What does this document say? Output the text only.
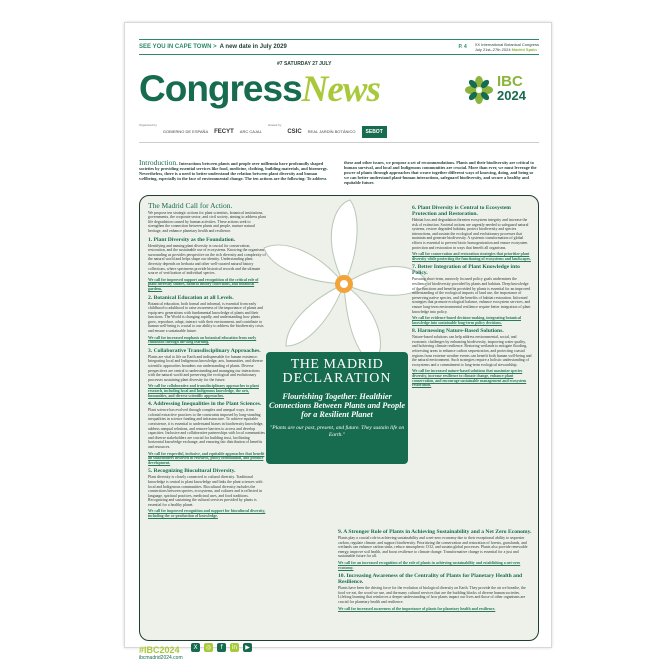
SEE YOU IN CAPE TOWN > A new date in July 2029	P. 4 XX International Botanical Congress
July 21st–27th 2024 Madrid Spain
#7 SATURDAY 27 JULY
CongressNews	IBC
2024
Organized by
GOBIERNO DE ESPAÑA FECYT ARC CAJAL
Hosted by
CSIC REAL JARDÍN BOTÁNICO	SEBOT
Introduction. Interactions between plants and people over millennia have profoundly shaped societies by providing essential services like food, medicine, clothing, building materials, and bioenergy. Nevertheless, there is a need to better understand the relation between plant diversity and human wellbeing, especially in the face of environmental change. The ten actions are the following: To address these and other issues, we propose a set of recommendations. Plants and their biodiversity are critical to human survival, and local and Indigenous communities are crucial. More than ever, we must leverage the power of plants through approaches that weave together different ways of knowing, doing, and being so we can better understand plant-human interactions, safeguard biodiversity, and secure a healthy and equitable future.
The Madrid Call for Action.

We propose ten strategic actions for plant scientists, botanical institutions, governments, the corporate sector, and civil society, aiming to address plant life degradation caused by human activities. These actions seek to strengthen the connection between plants and people, nurture natural heritage, and enhance planetary health and resilience.

1. Plant Diversity as the Foundation.

Identifying and naming plant diversity is crucial for conservation, restoration, and the sustainable use of ecosystems. Knowing the organisms surrounding us provides perspective on the rich diversity and complexity of the natural world and helps shape our identity. Understanding plant diversity depends on herbaria and other well-curated natural history collections, where specimens provide historical records and the ultimate source of verification of individual species.

We call for improved support and recognition of the critical role of plant diversity studies, natural history collections, and botanical gardens.

2. Botanical Education at all Levels.

Botanical education, both formal and informal, is essential from early childhood to adulthood to raise awareness of the importance of plants and equip new generations with fundamental knowledge of plants and their functions. The World is changing rapidly, and understanding how plants grow, reproduce, adapt, interact with their environment, and contribute to human well-being is crucial to our ability to address the biodiversity crisis and ensure a sustainable future.

We call for increased emphasis on botanical education from early childhood through life-long learning.

3. Collaborative Transdisciplinary Approaches.

Plants are vital to life on Earth and indispensable for human existence. Integrating local and Indigenous knowledge, arts, humanities, and diverse scientific approaches broadens our understanding of plants. Diverse perspectives are central to understanding and managing our interactions with the natural world and preserving the ecological and evolutionary processes sustaining plant diversity for the future.

We call for collaborative and transdisciplinary approaches to plant research, including local and Indigenous knowledge, the arts, humanities, and diverse scientific approaches.

4. Addressing Inequalities in the Plant Sciences.

Plant science has evolved through complex and unequal ways, from colonial extractive practices to the constraints imposed by long-standing inequalities in science funding and infrastructure. To achieve equitable coexistence, it is essential to understand biases in biodiversity knowledge, address unequal relations, and remove barriers to access and develop capacities. Inclusive and collaborative partnerships with local communities and diverse stakeholders are crucial for building trust, facilitating horizontal knowledge exchange, and ensuring fair distribution of benefits and resources.

We call for respectful, inclusive, and equitable approaches that benefit all stakeholders involved in research, policy formulation, and product development.

5. Recognizing Biocultural Diversity.

Plant diversity is closely connected to cultural diversity. Traditional knowledge is central to plant knowledge and links the plant sciences with local and Indigenous communities. Biocultural diversity includes the connections between species, ecosystems, and cultures and is reflected in language, spiritual practices, medicinal uses, and food traditions. Recognizing and sustaining the cultural services provided by plants is essential for a healthy planet.

We call for improved recognition and support for biocultural diversity, including the co-production of knowledge.

THE MADRID
DECLARATION
Flourishing Together: Healthier Connections Between Plants and People for a Resilient Planet
"Plants are our past, present, and future. They sustain life on Earth."
6. Plant Diversity is Central to Ecosystem Protection and Restoration.

Habitat loss and degradation threaten ecosystem integrity and increase the risk of extinction. Societal actions are urgently needed to safeguard natural systems, restore degraded habitats, protect biodiversity and species interactions, and sustain the ecological and evolutionary processes that maintain and generate biodiversity. A systemic transformation of global efforts is essential to prevent biotic homogenization and ensure ecosystem protection and restoration in ways that benefit all organisms.

We call for conservation and restoration strategies that prioritize plant diversity while protecting the functioning of ecosystems and landscapes.

7. Better Integration of Plant Knowledge into Policy.

Pursuing short-term, narrowly focused policy goals undermines the resilience of biodiversity provided by plants and habitats. Deep knowledge of the functions and benefits provided by plants is essential for an improved understanding of the ecological impacts of land use, the importance of preserving native species, and the benefits of habitat restoration. Informed strategies that promote ecological balance, enhance ecosystem services, and ensure long-term environmental resilience require better integration of plant knowledge into policy.

We call for evidence-based decision-making, integrating botanical knowledge into sustainable long-term policy decisions.

8. Harnessing Nature-Based Solutions.

Nature-based solutions can help address environmental, social, and economic challenges by enhancing biodiversity, improving water quality, and bolstering climate resilience. Restoring wetlands to mitigate flooding, reforesting areas to enhance carbon sequestration, and protecting coastal regions from extreme weather events can benefit both human well-being and the natural environment. Such strategies require a holistic understanding of ecosystems and a commitment to long-term ecological stewardship.

We call for increased nature-based solutions that maximize species diversity, increase resilience to climate change, enhance plant conservation, and encourage sustainable management and ecosystem restoration.

9. A Stronger Role of Plants in Achieving Sustainability and a Net Zero Economy.

Plants play a crucial role in achieving sustainability and a net-zero economy due to their exceptional ability to sequester carbon, regulate climate, and support biodiversity. Prioritizing the conservation and restoration of forests, grasslands, and wetlands can enhance carbon sinks, reduce atmospheric CO2, and sustain global processes. Plants also provide renewable energy, improve soil health, and boost resilience to climate change. Transformative change is essential for a just and sustainable future for all.

We call for an increased recognition of the role of plants in achieving sustainability and establishing a net-zero economy.

10. Increasing Awareness of the Centrality of Plants for Planetary Health and Resilience.

Plants have been the driving force for the evolution of biological diversity on Earth. They provide the air we breathe, the food we eat, the wood we use, and the many cultural services that are the building blocks of diverse human societies. Lifelong learning that reinforces a deeper understanding of how plants impact our lives and those of other organisms are crucial for planetary health and resilience.

We call for increased awareness of the importance of plants for planetary health and resilience.

#IBC2024
ibcmadrid2024.com
X	◎	f	in	▶
